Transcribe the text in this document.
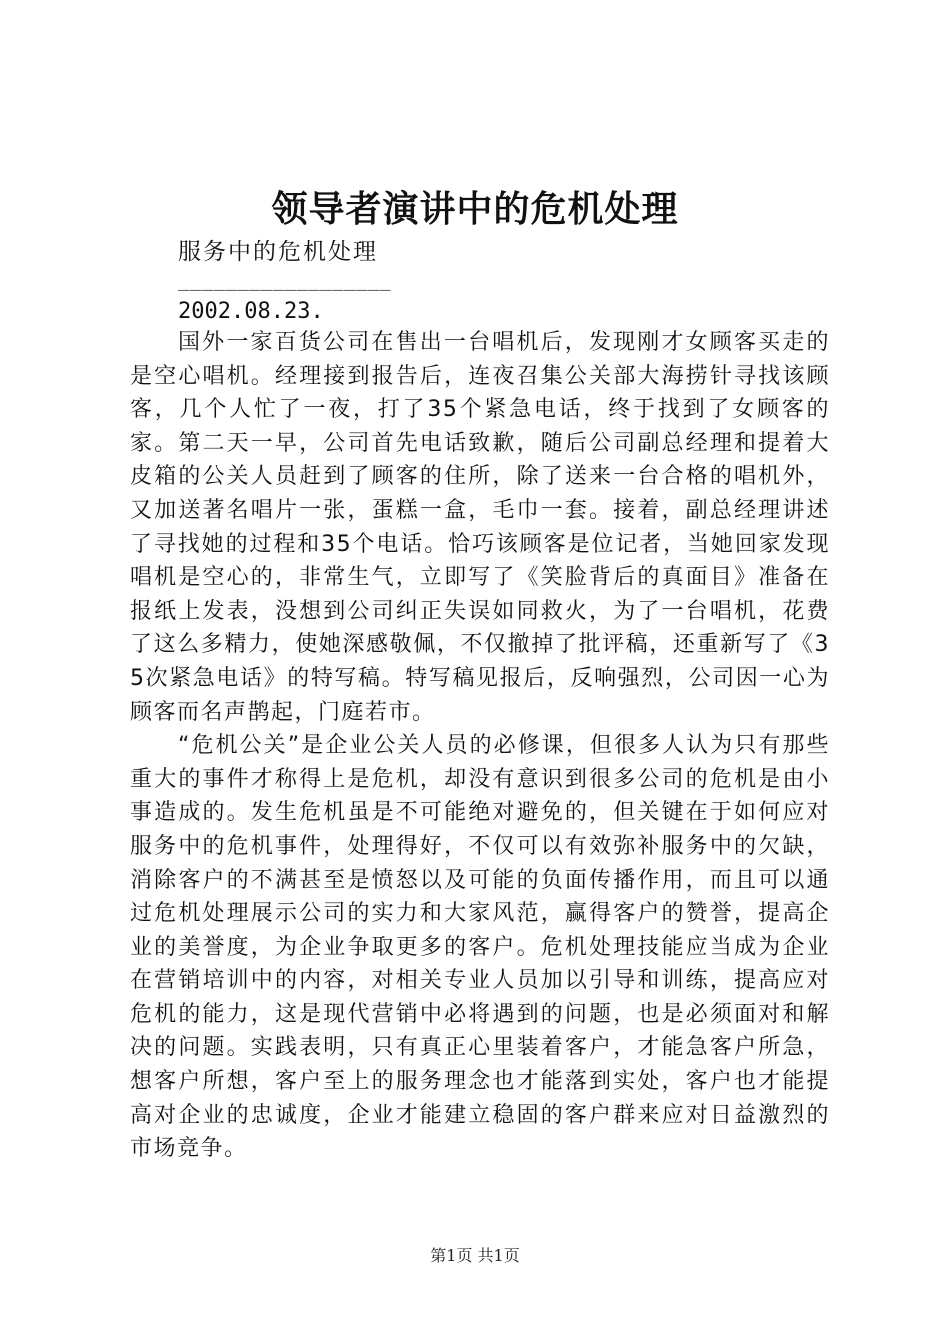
领导者演讲中的危机处理
服务中的危机处理
__________________
2002.08.23.

国外一家百货公司在售出一台唱机后，发现刚才女顾客买走的是空心唱机。经理接到报告后，连夜召集公关部大海捞针寻找该顾客，几个人忙了一夜，打了35个紧急电话，终于找到了女顾客的家。第二天一早，公司首先电话致歉，随后公司副总经理和提着大皮箱的公关人员赶到了顾客的住所，除了送来一台合格的唱机外，又加送著名唱片一张，蛋糕一盒，毛巾一套。接着，副总经理讲述了寻找她的过程和35个电话。恰巧该顾客是位记者，当她回家发现唱机是空心的，非常生气，立即写了《笑脸背后的真面目》准备在报纸上发表，没想到公司纠正失误如同救火，为了一台唱机，花费了这么多精力，使她深感敬佩，不仅撤掉了批评稿，还重新写了《35次紧急电话》的特写稿。特写稿见报后，反响强烈，公司因一心为顾客而名声鹊起，门庭若市。

“危机公关”是企业公关人员的必修课，但很多人认为只有那些重大的事件才称得上是危机，却没有意识到很多公司的危机是由小事造成的。发生危机虽是不可能绝对避免的，但关键在于如何应对服务中的危机事件，处理得好，不仅可以有效弥补服务中的欠缺，消除客户的不满甚至是愤怒以及可能的负面传播作用，而且可以通过危机处理展示公司的实力和大家风范，赢得客户的赞誉，提高企业的美誉度，为企业争取更多的客户。危机处理技能应当成为企业在营销培训中的内容，对相关专业人员加以引导和训练，提高应对危机的能力，这是现代营销中必将遇到的问题，也是必须面对和解决的问题。实践表明，只有真正心里装着客户，才能急客户所急，想客户所想，客户至上的服务理念也才能落到实处，客户也才能提高对企业的忠诚度，企业才能建立稳固的客户群来应对日益激烈的市场竞争。

第1页 共1页
